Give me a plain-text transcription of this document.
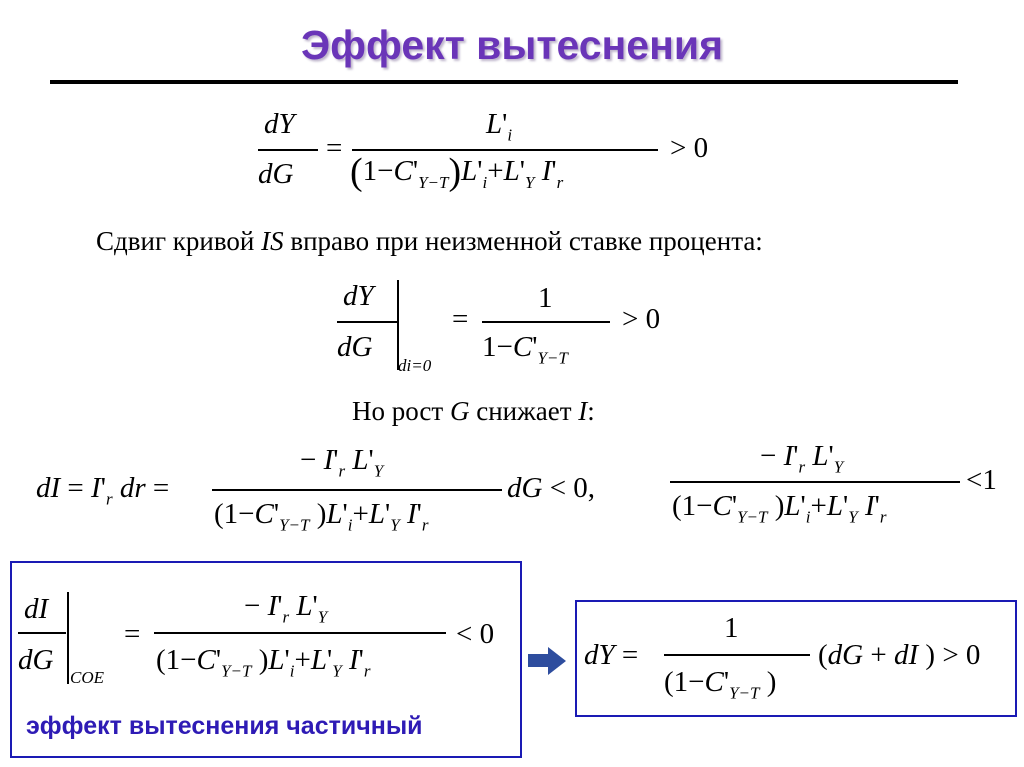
Эффект вытеснения
dY
dG
=
$L'_i$
$(1-C'_{Y-T})L'_i+L'_Y$ $I'_r$
> 0
Сдвиг кривой IS вправо при неизменной ставке процента:
dY
dG
di=0
=
1
$1-C'_{Y-T}$
> 0
Но рост G снижает I:
dI = $I'_r$ dr =
− $I'_r$ $L'_Y$
($1-C'_{Y-T}$ )$L'_i+L'_Y$ $I'_r$
dG < 0,
− $I'_r$ $L'_Y$
($1-C'_{Y-T}$ )$L'_i+L'_Y$ $I'_r$
<1
dI
dG
COE
=
− $I'_r$ $L'_Y$
($1-C'_{Y-T}$ )$L'_i+L'_Y$ $I'_r$
< 0
эффект вытеснения частичный
dY =
1
($1-C'_{Y-T}$ )
(dG + dI ) > 0
